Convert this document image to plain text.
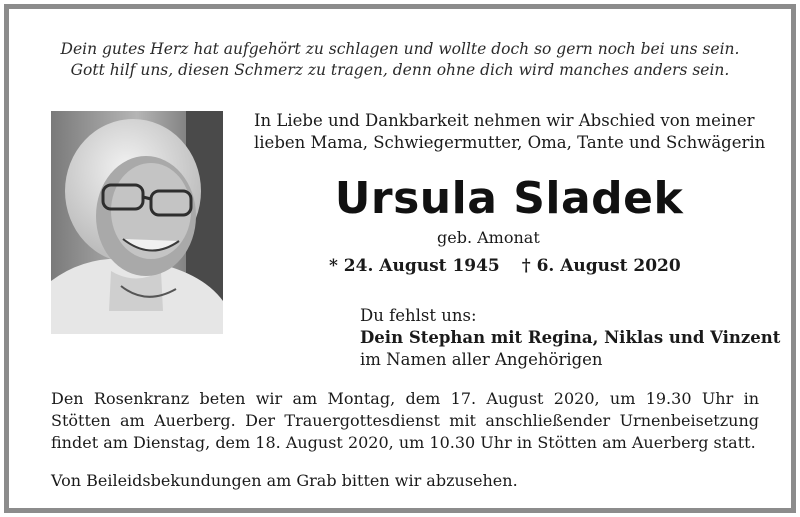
Dein gutes Herz hat aufgehört zu schlagen und wollte doch so gern noch bei uns sein.
Gott hilf uns, diesen Schmerz zu tragen, denn ohne dich wird manches anders sein.
In Liebe und Dankbarkeit nehmen wir Abschied von meiner
lieben Mama, Schwiegermutter, Oma, Tante und Schwägerin
Ursula Sladek
geb. Amonat
* 24. August 1945 † 6. August 2020
Du fehlst uns:
Dein Stephan mit Regina, Niklas und Vinzent
im Namen aller Angehörigen
Den Rosenkranz beten wir am Montag, dem 17. August 2020, um 19.30 Uhr in
Stötten am Auerberg. Der Trauergottesdienst mit anschließender Urnenbeisetzung
findet am Dienstag, dem 18. August 2020, um 10.30 Uhr in Stötten am Auerberg statt.
Von Beileidsbekundungen am Grab bitten wir abzusehen.
